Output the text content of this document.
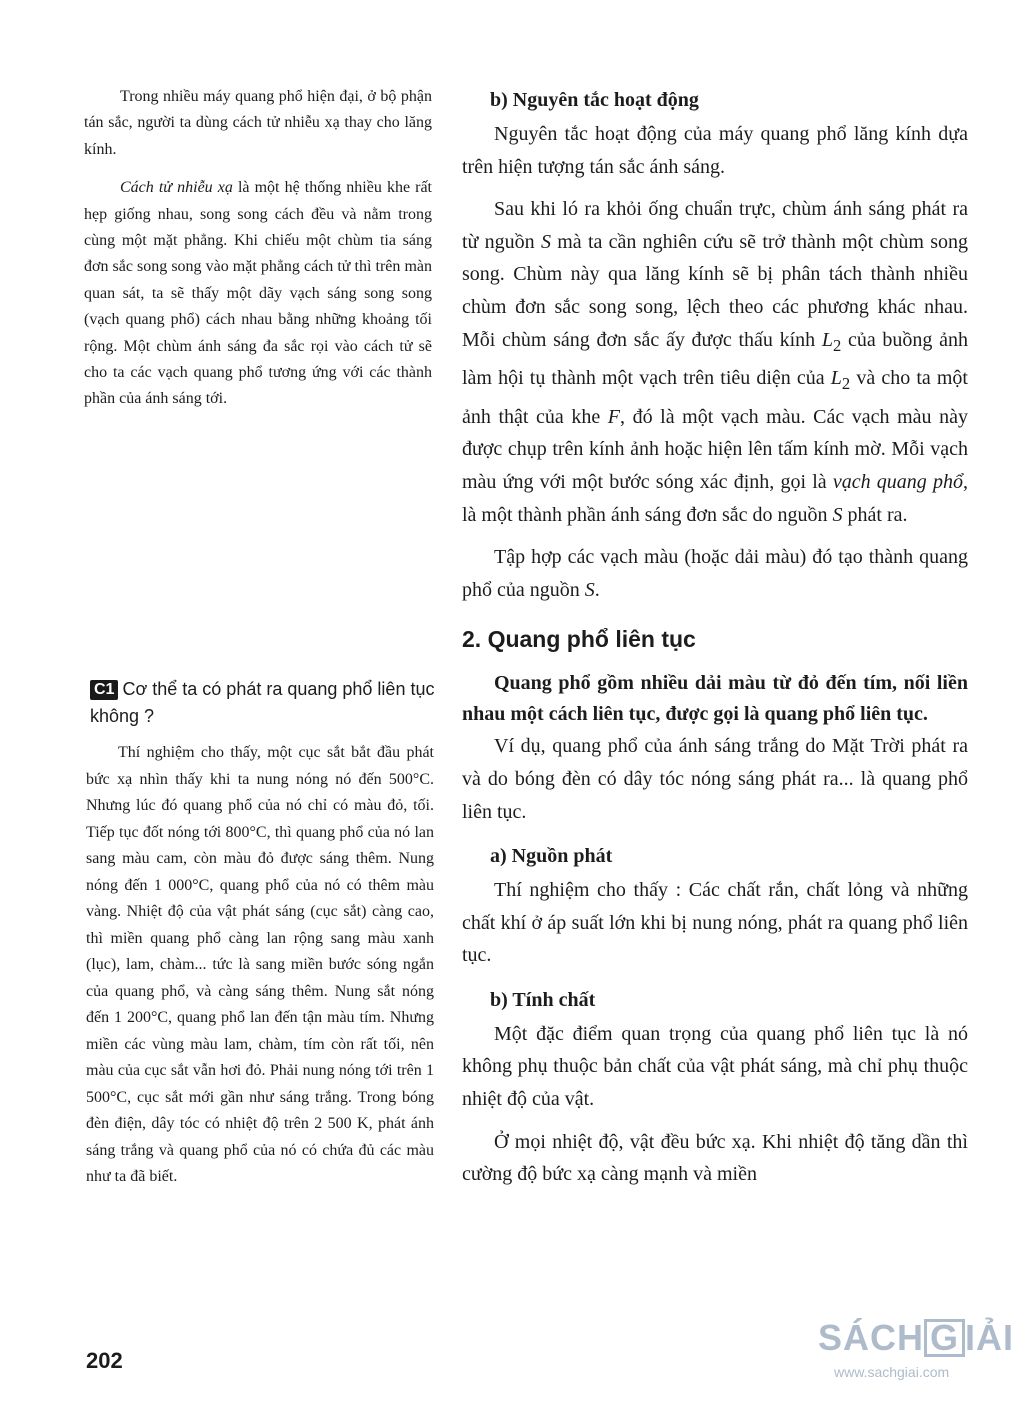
Trong nhiều máy quang phổ hiện đại, ở bộ phận tán sắc, người ta dùng cách tử nhiễu xạ thay cho lăng kính.

Cách tử nhiễu xạ là một hệ thống nhiều khe rất hẹp giống nhau, song song cách đều và nằm trong cùng một mặt phẳng. Khi chiếu một chùm tia sáng đơn sắc song song vào mặt phẳng cách tử thì trên màn quan sát, ta sẽ thấy một dãy vạch sáng song song (vạch quang phổ) cách nhau bằng những khoảng tối rộng. Một chùm ánh sáng đa sắc rọi vào cách tử sẽ cho ta các vạch quang phổ tương ứng với các thành phần của ánh sáng tới.

C1 Cơ thể ta có phát ra quang phổ liên tục không ?

Thí nghiệm cho thấy, một cục sắt bắt đầu phát bức xạ nhìn thấy khi ta nung nóng nó đến 500°C. Nhưng lúc đó quang phổ của nó chỉ có màu đỏ, tối. Tiếp tục đốt nóng tới 800°C, thì quang phổ của nó lan sang màu cam, còn màu đỏ được sáng thêm. Nung nóng đến 1 000°C, quang phổ của nó có thêm màu vàng. Nhiệt độ của vật phát sáng (cục sắt) càng cao, thì miền quang phổ càng lan rộng sang màu xanh (lục), lam, chàm... tức là sang miền bước sóng ngắn của quang phổ, và càng sáng thêm. Nung sắt nóng đến 1 200°C, quang phổ lan đến tận màu tím. Nhưng miền các vùng màu lam, chàm, tím còn rất tối, nên màu của cục sắt vẫn hơi đỏ. Phải nung nóng tới trên 1 500°C, cục sắt mới gần như sáng trắng. Trong bóng đèn điện, dây tóc có nhiệt độ trên 2 500 K, phát ánh sáng trắng và quang phổ của nó có chứa đủ các màu như ta đã biết.

b) Nguyên tắc hoạt động

Nguyên tắc hoạt động của máy quang phổ lăng kính dựa trên hiện tượng tán sắc ánh sáng.

Sau khi ló ra khỏi ống chuẩn trực, chùm ánh sáng phát ra từ nguồn S mà ta cần nghiên cứu sẽ trở thành một chùm song song. Chùm này qua lăng kính sẽ bị phân tách thành nhiều chùm đơn sắc song song, lệch theo các phương khác nhau. Mỗi chùm sáng đơn sắc ấy được thấu kính $L_2$ của buồng ảnh làm hội tụ thành một vạch trên tiêu diện của $L_2$ và cho ta một ảnh thật của khe F, đó là một vạch màu. Các vạch màu này được chụp trên kính ảnh hoặc hiện lên tấm kính mờ. Mỗi vạch màu ứng với một bước sóng xác định, gọi là vạch quang phổ, là một thành phần ánh sáng đơn sắc do nguồn S phát ra.

Tập hợp các vạch màu (hoặc dải màu) đó tạo thành quang phổ của nguồn S.

2. Quang phổ liên tục

Quang phổ gồm nhiều dải màu từ đỏ đến tím, nối liền nhau một cách liên tục, được gọi là quang phổ liên tục.

Ví dụ, quang phổ của ánh sáng trắng do Mặt Trời phát ra và do bóng đèn có dây tóc nóng sáng phát ra... là quang phổ liên tục.

a) Nguồn phát

Thí nghiệm cho thấy : Các chất rắn, chất lỏng và những chất khí ở áp suất lớn khi bị nung nóng, phát ra quang phổ liên tục.

b) Tính chất

Một đặc điểm quan trọng của quang phổ liên tục là nó không phụ thuộc bản chất của vật phát sáng, mà chỉ phụ thuộc nhiệt độ của vật.

Ở mọi nhiệt độ, vật đều bức xạ. Khi nhiệt độ tăng dần thì cường độ bức xạ càng mạnh và miền

202
SÁCH G IẢI
www.sachgiai.com
